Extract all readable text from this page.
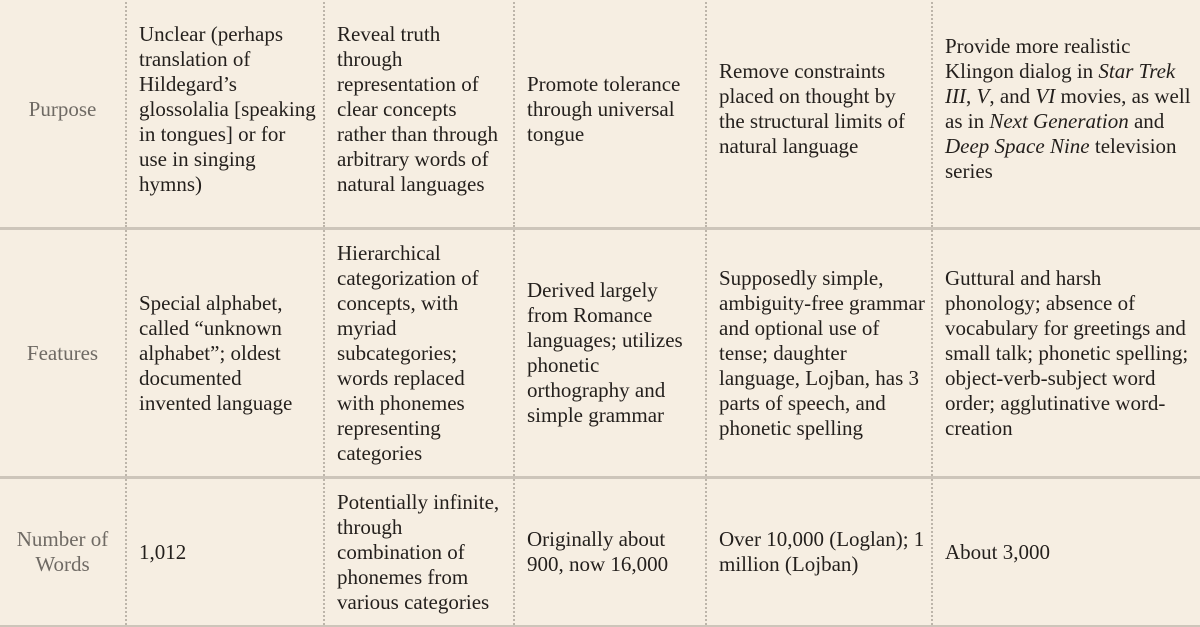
Purpose	Unclear (perhaps translation of Hildegard’s glossolalia [speaking in tongues] or for use in singing hymns)	Reveal truth through representation of clear concepts rather than through arbitrary words of natural languages	Promote tolerance through universal tongue	Remove constraints placed on thought by the structural limits of natural language	Provide more realistic Klingon dialog in Star Trek III, V, and VI movies, as well as in Next Generation and Deep Space Nine television series

Features	Special alphabet, called “unknown alphabet”; oldest documented invented language	Hierarchical categorization of concepts, with myriad subcategories; words replaced with phonemes representing categories	Derived largely from Romance languages; utilizes phonetic orthography and simple grammar	Supposedly simple, ambiguity-free grammar and optional use of tense; daughter language, Lojban, has 3 parts of speech, and phonetic spelling	Guttural and harsh phonology; absence of vocabulary for greetings and small talk; phonetic spelling; object-verb-subject word order; agglutinative word-creation

Number of Words	1,012	Potentially infinite, through combination of phonemes from various categories	Originally about 900, now 16,000	Over 10,000 (Loglan); 1 million (Lojban)	About 3,000
